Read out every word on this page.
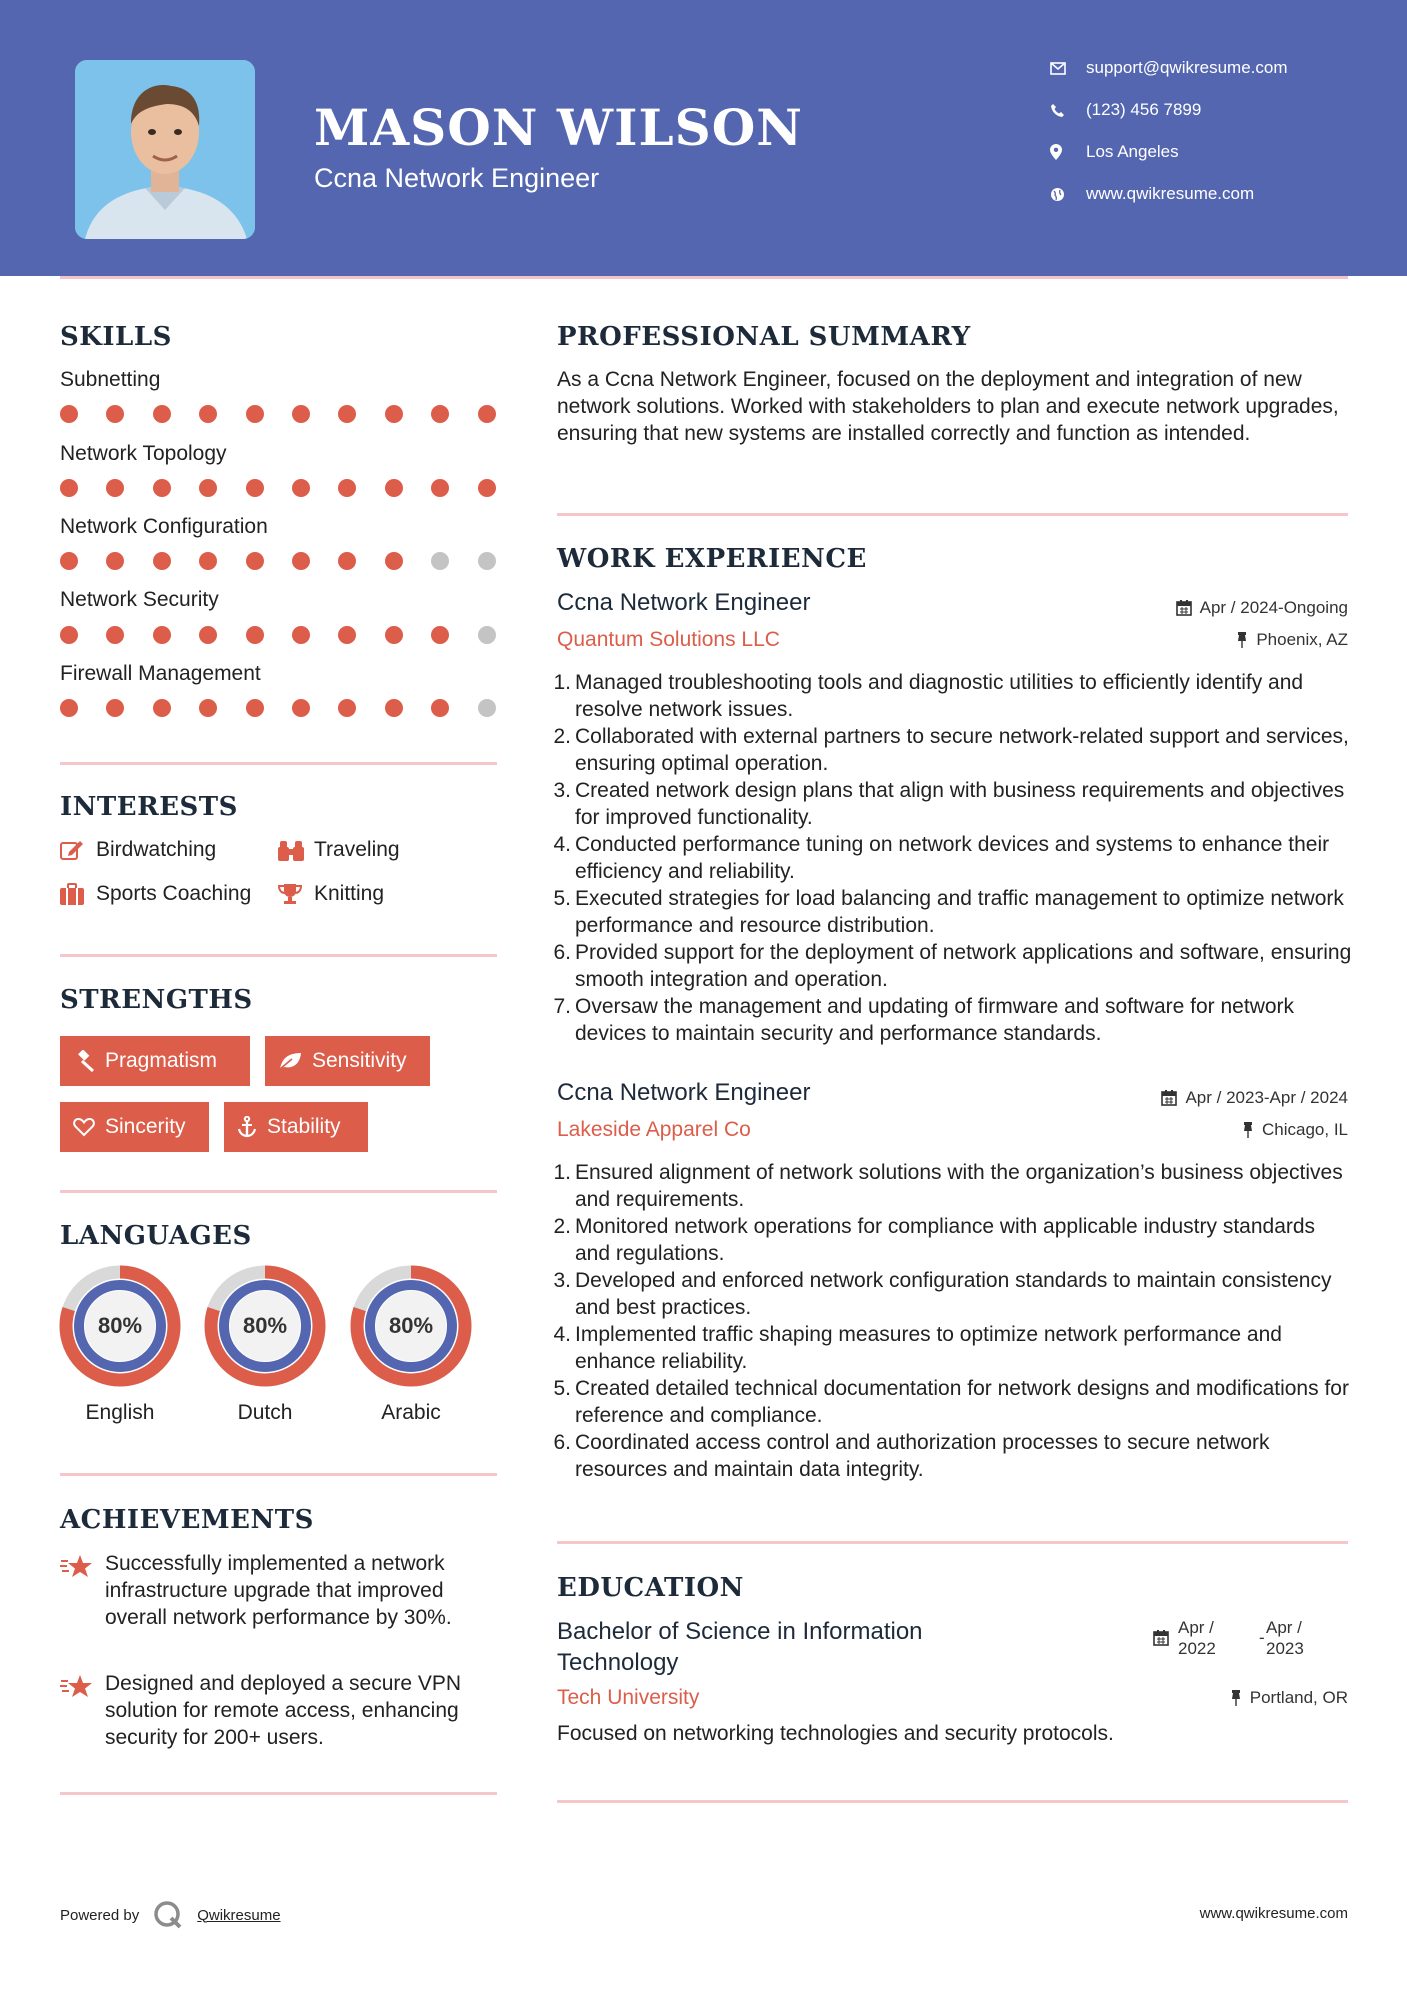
MASON WILSON
Ccna Network Engineer
support@qwikresume.com
(123) 456 7899
Los Angeles
www.qwikresume.com
SKILLS
Subnetting
Network Topology
Network Configuration
Network Security
Firewall Management
INTERESTS
Birdwatching	Traveling
Sports Coaching	Knitting
STRENGTHS
Pragmatism	Sensitivity
Sincerity	Stability
LANGUAGES
80%
English
80%
Dutch
80%
Arabic
ACHIEVEMENTS
Successfully implemented a network infrastructure upgrade that improved overall network performance by 30%.
Designed and deployed a secure VPN solution for remote access, enhancing security for 200+ users.
PROFESSIONAL SUMMARY
As a Ccna Network Engineer, focused on the deployment and integration of new network solutions. Worked with stakeholders to plan and execute network upgrades, ensuring that new systems are installed correctly and function as intended.
WORK EXPERIENCE
Ccna Network Engineer
Quantum Solutions LLC
Apr / 2024-Ongoing
Phoenix, AZ
1. Managed troubleshooting tools and diagnostic utilities to efficiently identify and resolve network issues.
2. Collaborated with external partners to secure network-related support and services, ensuring optimal operation.
3. Created network design plans that align with business requirements and objectives for improved functionality.
4. Conducted performance tuning on network devices and systems to enhance their efficiency and reliability.
5. Executed strategies for load balancing and traffic management to optimize network performance and resource distribution.
6. Provided support for the deployment of network applications and software, ensuring smooth integration and operation.
7. Oversaw the management and updating of firmware and software for network devices to maintain security and performance standards.
Ccna Network Engineer
Lakeside Apparel Co
Apr / 2023-Apr / 2024
Chicago, IL
1. Ensured alignment of network solutions with the organization’s business objectives and requirements.
2. Monitored network operations for compliance with applicable industry standards and regulations.
3. Developed and enforced network configuration standards to maintain consistency and best practices.
4. Implemented traffic shaping measures to optimize network performance and enhance reliability.
5. Created detailed technical documentation for network designs and modifications for reference and compliance.
6. Coordinated access control and authorization processes to secure network resources and maintain data integrity.
EDUCATION
Bachelor of Science in Information Technology
Apr /
2022
-
Apr /
2023
Tech University	Portland, OR
Focused on networking technologies and security protocols.
Powered by	Qwikresume	www.qwikresume.com
